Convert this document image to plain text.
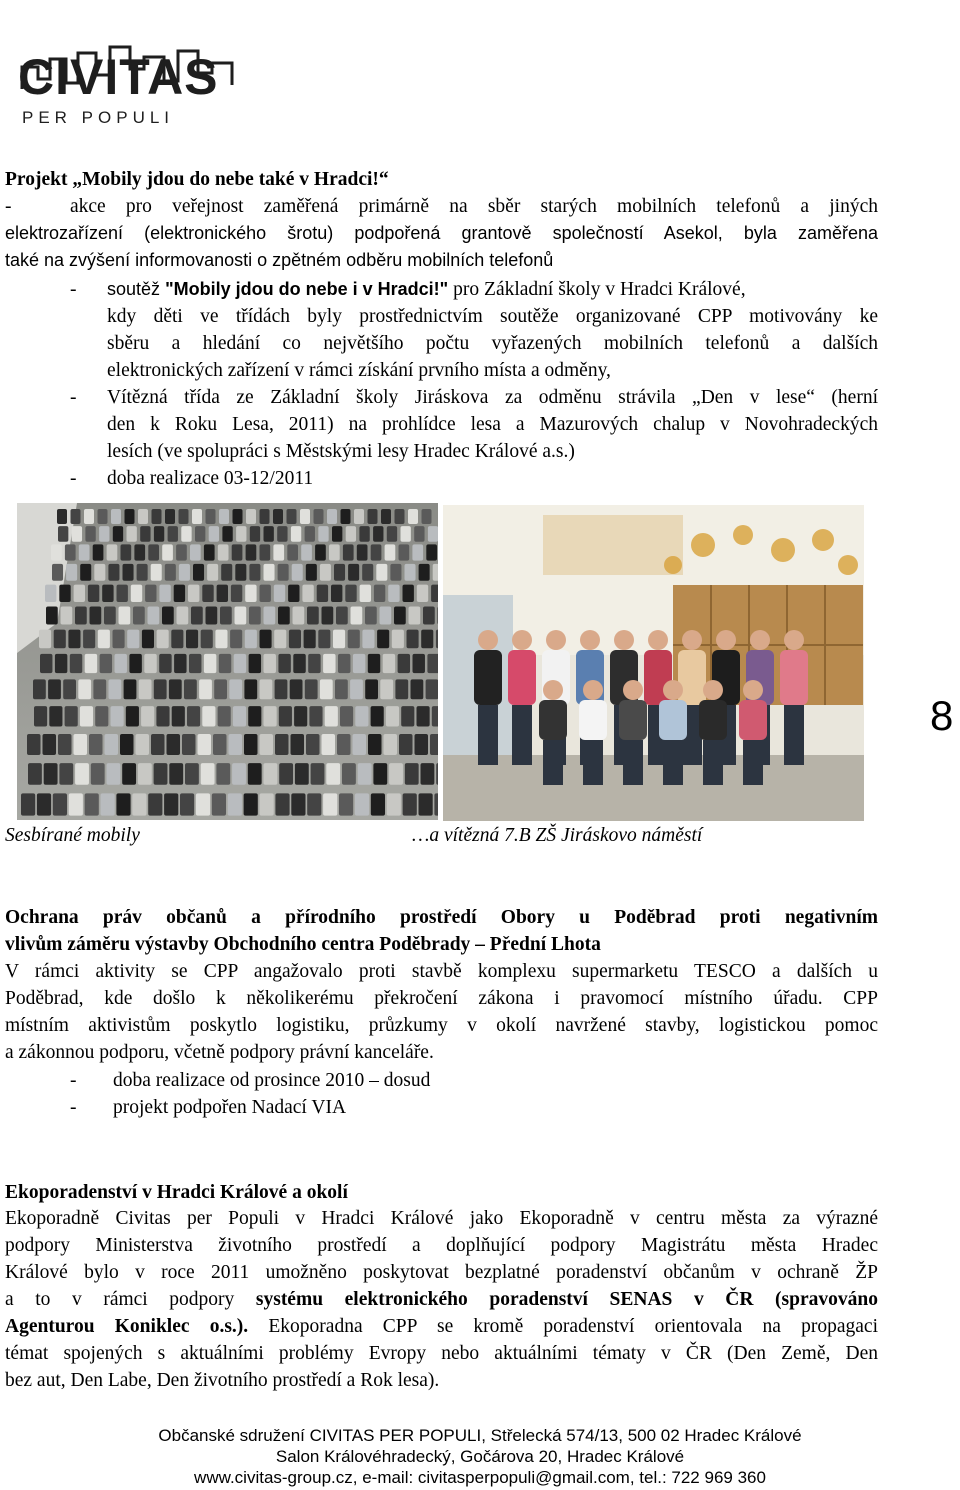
CIVITAS
PER POPULI
Projekt „Mobily jdou do nebe také v Hradci!“
-	akce pro veřejnost zaměřená primárně na sběr starých mobilních telefonů a jiných
elektrozařízení (elektronického šrotu) podpořená grantově společností Asekol, byla zaměřena
také na zvýšení informovanosti o zpětném odběru mobilních telefonů
- soutěž "Mobily jdou do nebe i v Hradci!" pro Základní školy v Hradci Králové,
kdy děti ve třídách byly prostřednictvím soutěže organizované CPP motivovány ke
sběru a hledání co největšího počtu vyřazených mobilních telefonů a dalších
elektronických zařízení v rámci získání prvního místa a odměny,
- Vítězná třída ze Základní školy Jiráskova za odměnu strávila „Den v lese“ (herní
den k Roku Lesa, 2011) na prohlídce lesa a Mazurových chalup v Novohradeckých
lesích (ve spolupráci s Městskými lesy Hradec Králové a.s.)
- doba realizace 03-12/2011
Sesbírané mobily	…a vítězná 7.B ZŠ Jiráskovo náměstí
8
Ochrana práv občanů a přírodního prostředí Obory u Poděbrad proti negativním
vlivům záměru výstavby Obchodního centra Poděbrady – Přední Lhota
V rámci aktivity se CPP angažovalo proti stavbě komplexu supermarketu TESCO a dalších u
Poděbrad, kde došlo k několikerému překročení zákona i pravomocí místního úřadu. CPP
místním aktivistům poskytlo logistiku, průzkumy v okolí navržené stavby, logistickou pomoc
a zákonnou podporu, včetně podpory právní kanceláře.
- doba realizace od prosince 2010 – dosud
- projekt podpořen Nadací VIA
Ekoporadenství v Hradci Králové a okolí
Ekoporadně Civitas per Populi v Hradci Králové jako Ekoporadně v centru města za výrazné
podpory Ministerstva životního prostředí a doplňující podpory Magistrátu města Hradec
Králové bylo v roce 2011 umožněno poskytovat bezplatné poradenství občanům v ochraně ŽP
a to v rámci podpory systému elektronického poradenství SENAS v ČR (spravováno
Agenturou Koniklec o.s.). Ekoporadna CPP se kromě poradenství orientovala na propagaci
témat spojených s aktuálními problémy Evropy nebo aktuálními tématy v ČR (Den Země, Den
bez aut, Den Labe, Den životního prostředí a Rok lesa).
Občanské sdružení CIVITAS PER POPULI, Střelecká 574/13, 500 02 Hradec Králové
Salon Královéhradecký, Gočárova 20, Hradec Králové
www.civitas-group.cz, e-mail: civitasperpopuli@gmail.com, tel.: 722 969 360
